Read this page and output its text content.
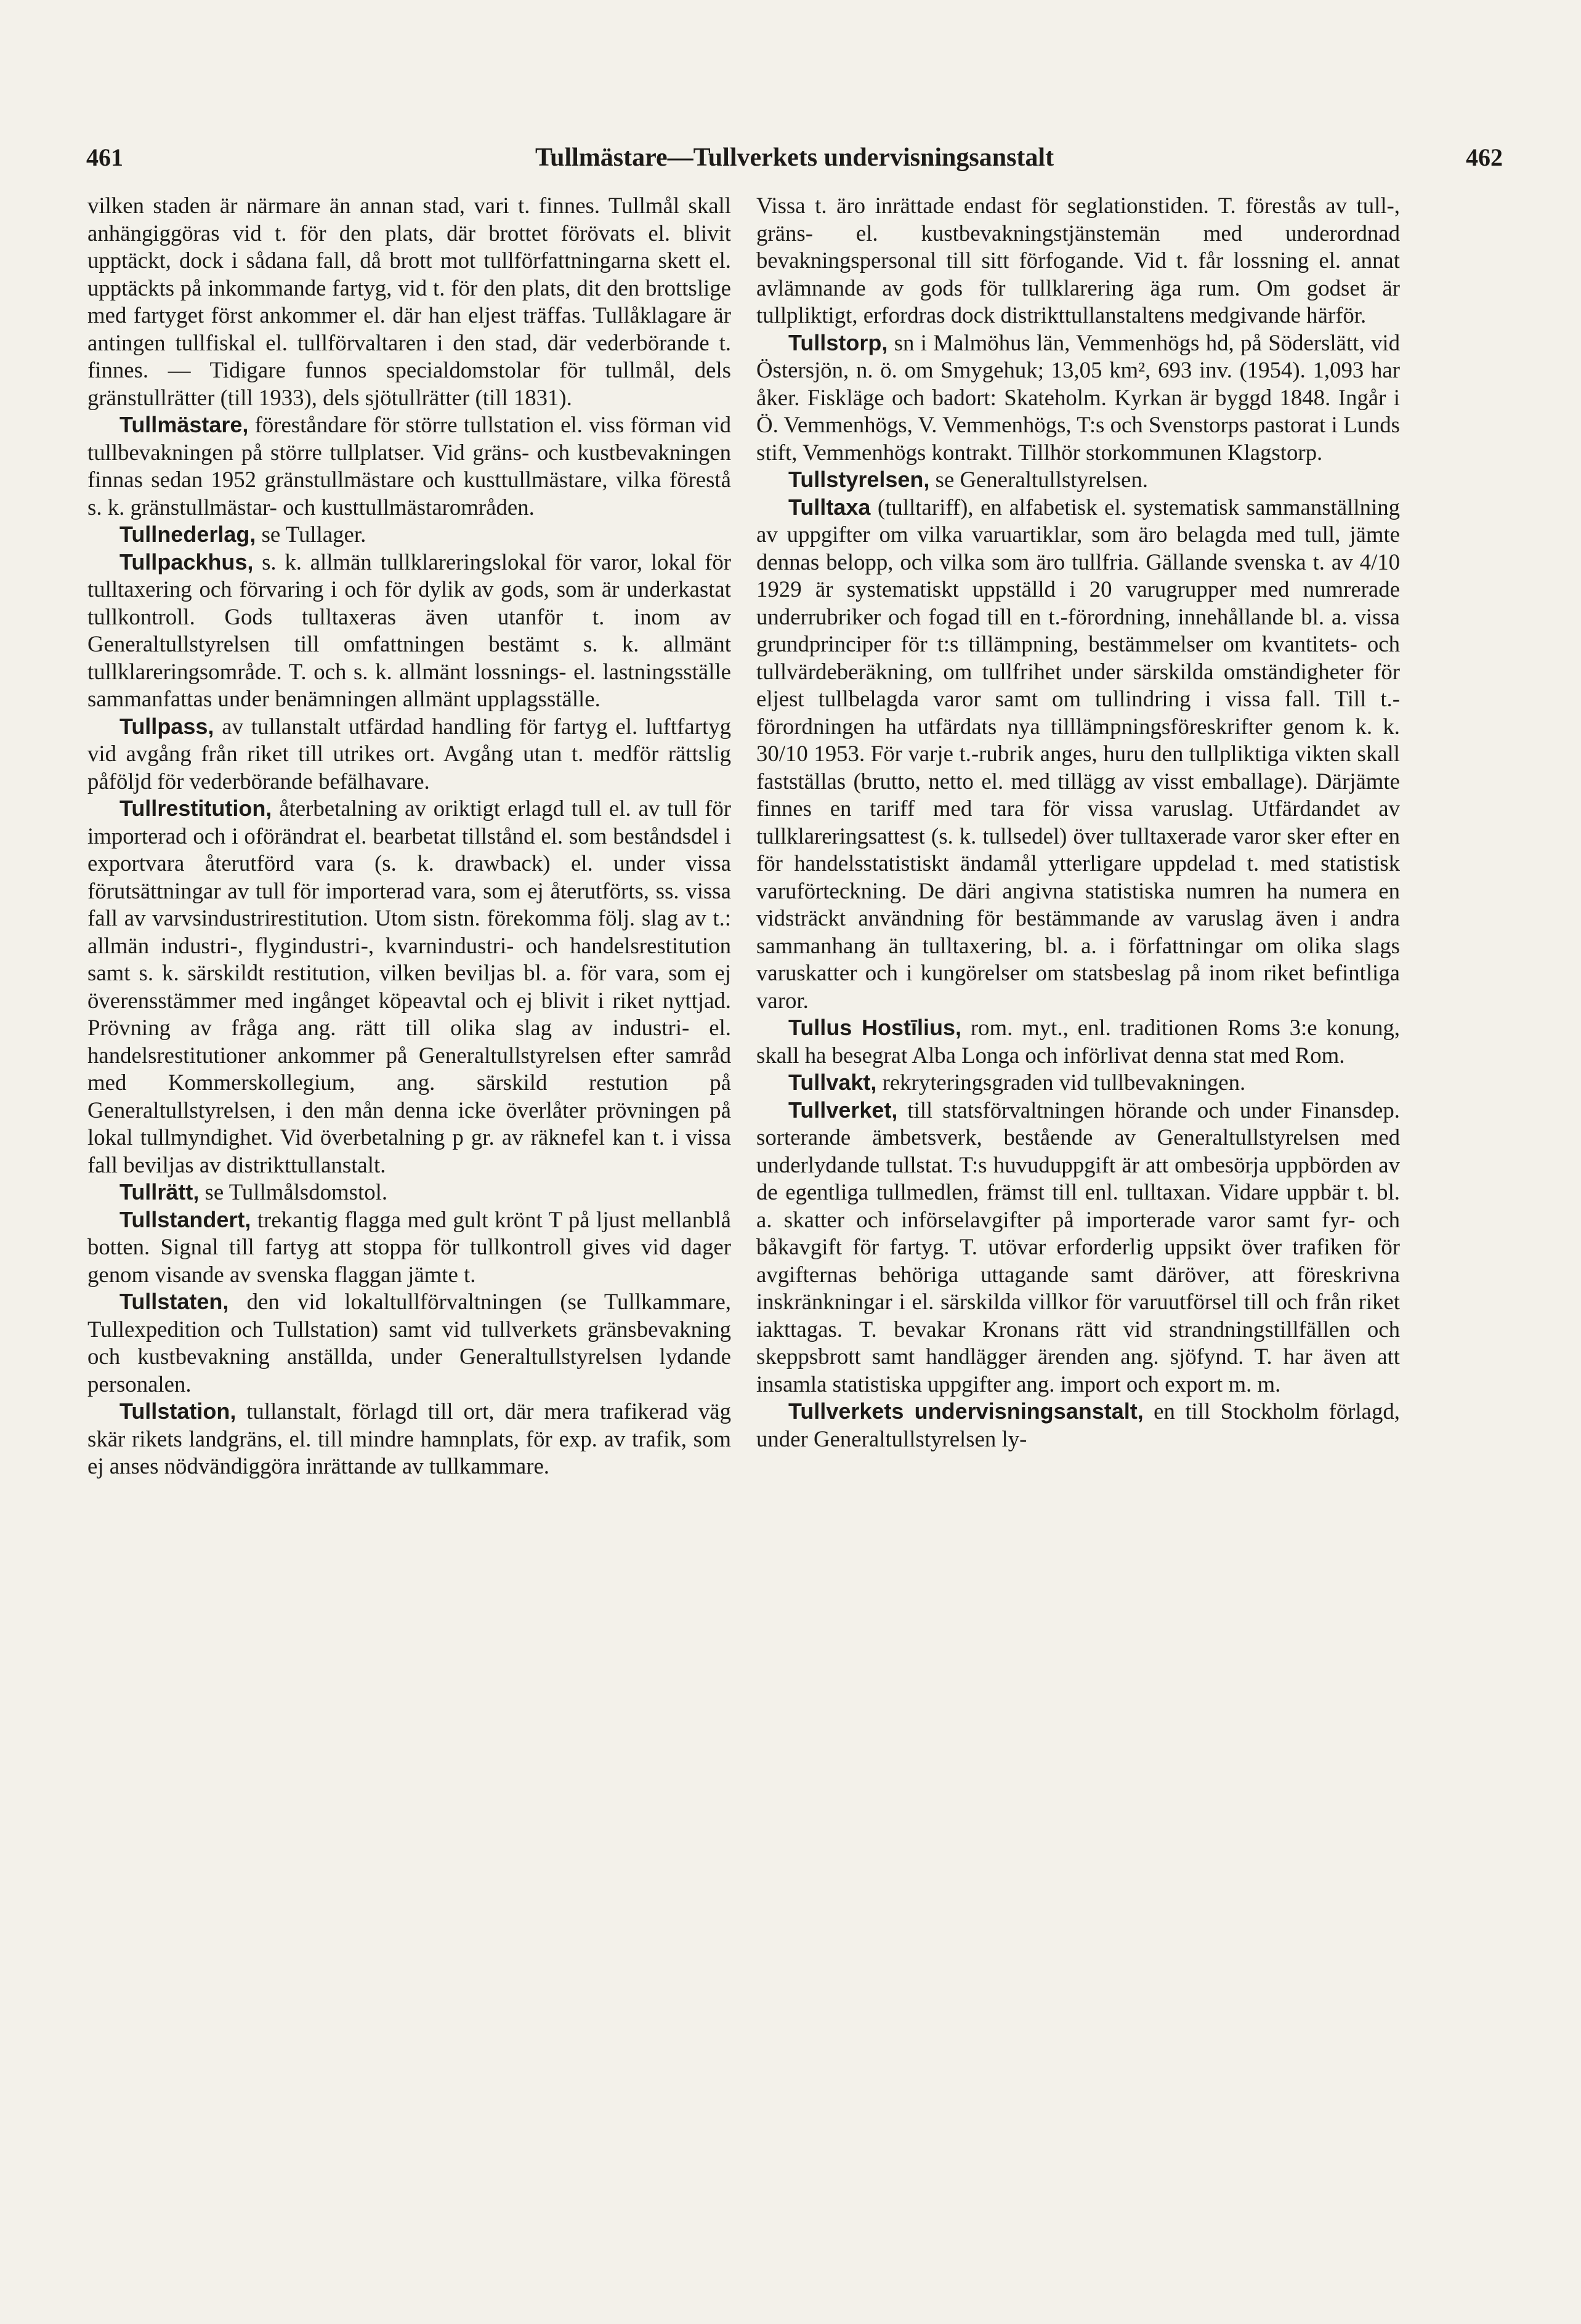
461	Tullmästare—Tullverkets undervisningsanstalt	462

vilken staden är närmare än annan stad, vari t. finnes. Tullmål skall anhängiggöras vid t. för den plats, där brottet förövats el. blivit upptäckt, dock i sådana fall, då brott mot tullförfattningarna skett el. upptäckts på inkommande fartyg, vid t. för den plats, dit den brottslige med fartyget först ankommer el. där han eljest träffas. Tullåklagare är antingen tullfiskal el. tullförvaltaren i den stad, där vederbörande t. finnes. — Tidigare funnos specialdomstolar för tullmål, dels gränstullrätter (till 1933), dels sjötullrätter (till 1831).

Tullmästare, föreståndare för större tullstation el. viss förman vid tullbevakningen på större tullplatser. Vid gräns- och kustbevakningen finnas sedan 1952 gränstullmästare och kusttullmästare, vilka förestå s. k. gränstullmästar- och kusttullmästarområden.

Tullnederlag, se Tullager.

Tullpackhus, s. k. allmän tullklareringslokal för varor, lokal för tulltaxering och förvaring i och för dylik av gods, som är underkastat tullkontroll. Gods tulltaxeras även utanför t. inom av Generaltullstyrelsen till omfattningen bestämt s. k. allmänt tullklareringsområde. T. och s. k. allmänt lossnings- el. lastningsställe sammanfattas under benämningen allmänt upplagsställe.

Tullpass, av tullanstalt utfärdad handling för fartyg el. luftfartyg vid avgång från riket till utrikes ort. Avgång utan t. medför rättslig påföljd för vederbörande befälhavare.

Tullrestitution, återbetalning av oriktigt erlagd tull el. av tull för importerad och i oförändrat el. bearbetat tillstånd el. som beståndsdel i exportvara återutförd vara (s. k. drawback) el. under vissa förutsättningar av tull för importerad vara, som ej återutförts, ss. vissa fall av varvsindustrirestitution. Utom sistn. förekomma följ. slag av t.: allmän industri-, flygindustri-, kvarnindustri- och handelsrestitution samt s. k. särskildt restitution, vilken beviljas bl. a. för vara, som ej överensstämmer med ingånget köpeavtal och ej blivit i riket nyttjad. Prövning av fråga ang. rätt till olika slag av industri- el. handelsrestitutioner ankommer på Generaltullstyrelsen efter samråd med Kommerskollegium, ang. särskild restution på Generaltullstyrelsen, i den mån denna icke överlåter prövningen på lokal tullmyndighet. Vid överbetalning p gr. av räknefel kan t. i vissa fall beviljas av distrikttullanstalt.

Tullrätt, se Tullmålsdomstol.

Tullstandert, trekantig flagga med gult krönt T på ljust mellanblå botten. Signal till fartyg att stoppa för tullkontroll gives vid dager genom visande av svenska flaggan jämte t.

Tullstaten, den vid lokaltullförvaltningen (se Tullkammare, Tullexpedition och Tullstation) samt vid tullverkets gränsbevakning och kustbevakning anställda, under Generaltullstyrelsen lydande personalen.

Tullstation, tullanstalt, förlagd till ort, där mera trafikerad väg skär rikets landgräns, el. till mindre hamnplats, för exp. av trafik, som ej anses nödvändiggöra inrättande av tullkammare.

Vissa t. äro inrättade endast för seglationstiden. T. förestås av tull-, gräns- el. kustbevakningstjänstemän med underordnad bevakningspersonal till sitt förfogande. Vid t. får lossning el. annat avlämnande av gods för tullklarering äga rum. Om godset är tullpliktigt, erfordras dock distrikttullanstaltens medgivande härför.

Tullstorp, sn i Malmöhus län, Vemmenhögs hd, på Söderslätt, vid Östersjön, n. ö. om Smygehuk; 13,05 km², 693 inv. (1954). 1,093 har åker. Fiskläge och badort: Skateholm. Kyrkan är byggd 1848. Ingår i Ö. Vemmenhögs, V. Vemmenhögs, T:s och Svenstorps pastorat i Lunds stift, Vemmenhögs kontrakt. Tillhör storkommunen Klagstorp.

Tullstyrelsen, se Generaltullstyrelsen.

Tulltaxa (tulltariff), en alfabetisk el. systematisk sammanställning av uppgifter om vilka varuartiklar, som äro belagda med tull, jämte dennas belopp, och vilka som äro tullfria. Gällande svenska t. av 4/10 1929 är systematiskt uppställd i 20 varugrupper med numrerade underrubriker och fogad till en t.-förordning, innehållande bl. a. vissa grundprinciper för t:s tillämpning, bestämmelser om kvantitets- och tullvärdeberäkning, om tullfrihet under särskilda omständigheter för eljest tullbelagda varor samt om tullindring i vissa fall. Till t.-förordningen ha utfärdats nya tilllämpningsföreskrifter genom k. k. 30/10 1953. För varje t.-rubrik anges, huru den tullpliktiga vikten skall fastställas (brutto, netto el. med tillägg av visst emballage). Därjämte finnes en tariff med tara för vissa varuslag. Utfärdandet av tullklareringsattest (s. k. tullsedel) över tulltaxerade varor sker efter en för handelsstatistiskt ändamål ytterligare uppdelad t. med statistisk varuförteckning. De däri angivna statistiska numren ha numera en vidsträckt användning för bestämmande av varuslag även i andra sammanhang än tulltaxering, bl. a. i författningar om olika slags varuskatter och i kungörelser om statsbeslag på inom riket befintliga varor.

Tullus Hostīlius, rom. myt., enl. traditionen Roms 3:e konung, skall ha besegrat Alba Longa och införlivat denna stat med Rom.

Tullvakt, rekryteringsgraden vid tullbevakningen.

Tullverket, till statsförvaltningen hörande och under Finansdep. sorterande ämbetsverk, bestående av Generaltullstyrelsen med underlydande tullstat. T:s huvuduppgift är att ombesörja uppbörden av de egentliga tullmedlen, främst till enl. tulltaxan. Vidare uppbär t. bl. a. skatter och införselavgifter på importerade varor samt fyr- och båkavgift för fartyg. T. utövar erforderlig uppsikt över trafiken för avgifternas behöriga uttagande samt däröver, att föreskrivna inskränkningar i el. särskilda villkor för varuutförsel till och från riket iakttagas. T. bevakar Kronans rätt vid strandningstillfällen och skeppsbrott samt handlägger ärenden ang. sjöfynd. T. har även att insamla statistiska uppgifter ang. import och export m. m.

Tullverkets undervisningsanstalt, en till Stockholm förlagd, under Generaltullstyrelsen ly-
